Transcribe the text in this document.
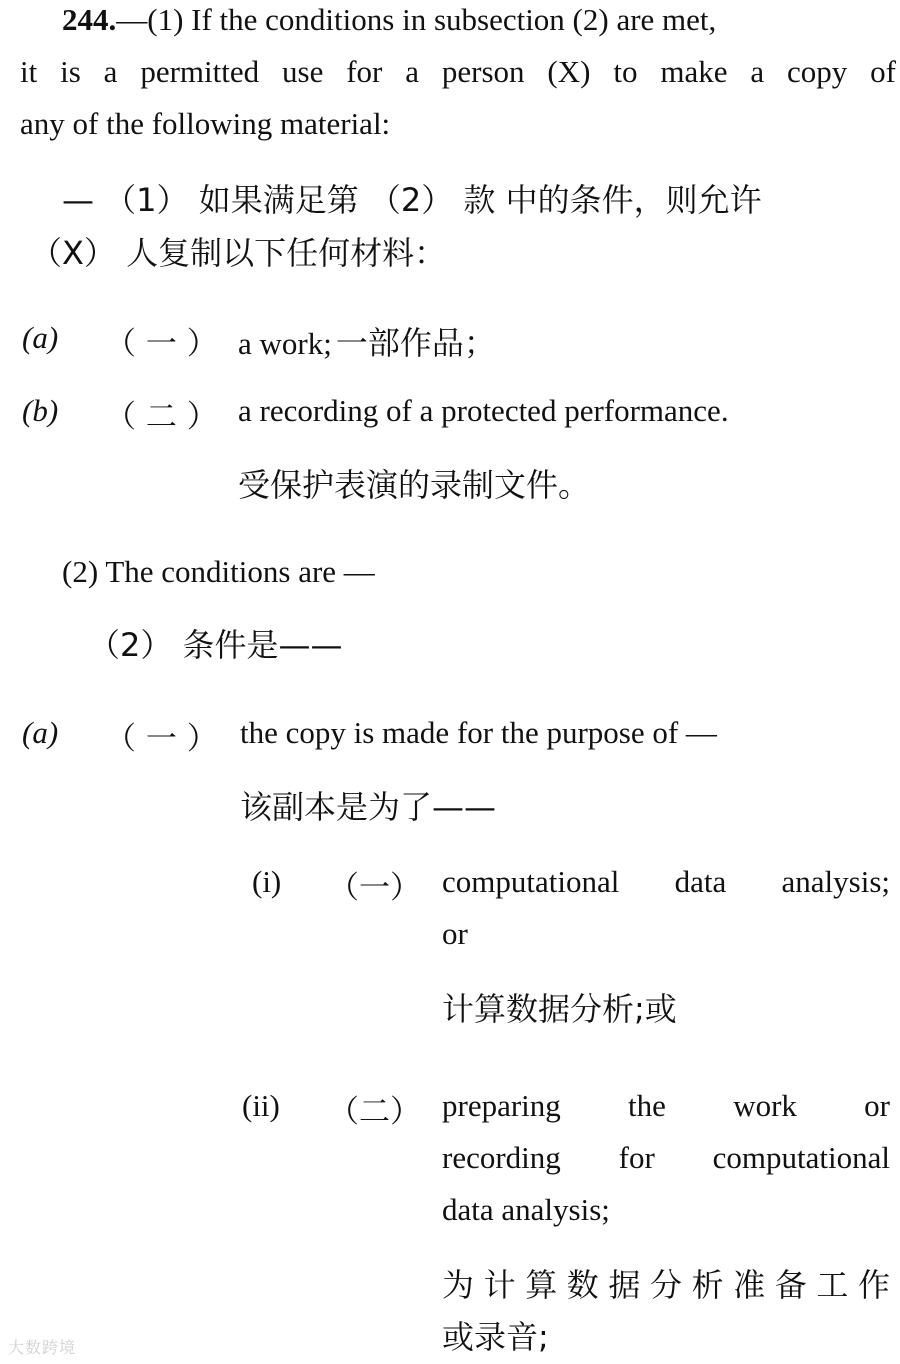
244.—(1) If the conditions in subsection (2) are met,
it is a permitted use for a person (X) to make a copy of
any of the following material:
— （1） 如果满足第 （2） 款 中的条件，则允许
（X） 人复制以下任何材料：
(a) （ 一 ） a work; 一部作品；
(b) （ 二 ） a recording of a protected performance.
受保护表演的录制文件。
(2) The conditions are —
（2） 条件是——
(a) （ 一 ） the copy is made for the purpose of —
该副本是为了——
(i) （一） computational data analysis;
or
计算数据分析;或
(ii) （二） preparing the work or
recording for computational
data analysis;
为计算数据分析准备工作
或录音;
大数跨境
